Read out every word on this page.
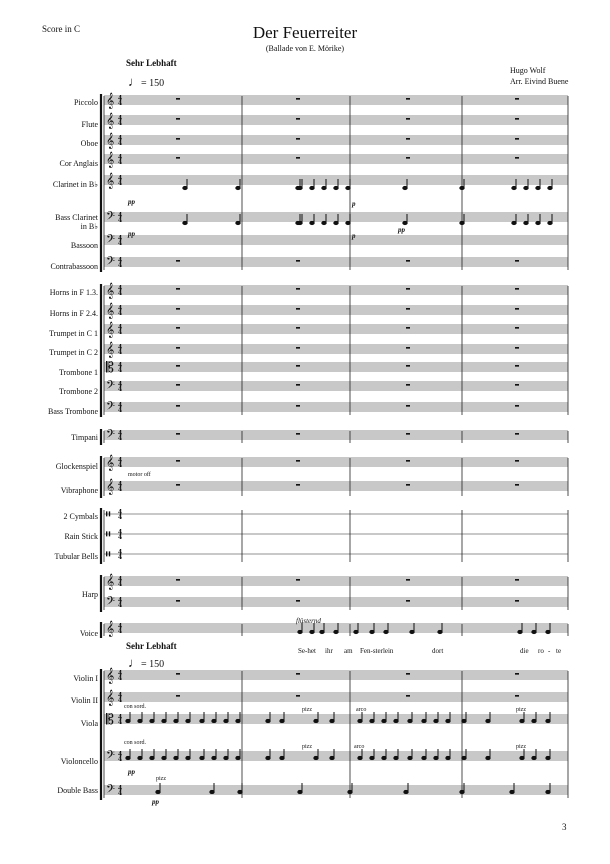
Score in C	Der Feuerreiter
(Ballade von E. Mörike)
Hugo Wolf
Arr. Eivind Buene
Sehr Lebhaft
♩= 150
Sehr Lebhaft
♩= 150
Piccolo
Flute
Oboe
Cor Anglais
Clarinet in B♭
Bass Clarinet
in B♭
Bassoon
Contrabassoon
Horns in F 1.3.
Horns in F 2.4.
Trumpet in C 1
Trumpet in C 2
Trombone 1
Trombone 2
Bass Trombone
Timpani
Glockenspiel
Vibraphone
2 Cymbals
Rain Stick
Tubular Bells
Harp
Voice
Violin I
Violin II
Viola
Violoncello
Double Bass
pp	p
pp	p
pp
motor off
flüsternd
con sord.
con sord.
pp
pp
pizz
pizz
pizz
arco
arco
pizz
pizz
Se-het ihr am Fen-sterlein	dort	die ro - te
𝄞 4
4
𝄞 4
4
𝄞 4
4
𝄞 4
4
𝄞 4
4
𝄢 4
4
𝄢 4
4
𝄢 4
4
𝄞 4
4
𝄞 4
4
𝄞 4
4
𝄞 4
4
𝄡 4
4
𝄢 4
4
𝄢 4
4
𝄢 4
4
𝄞 4
4
𝄞 4
4
𝄥 4
4
𝄥 4
4
𝄥 4
4
𝄞 4
4
𝄢 4
4
𝄞 4
4
𝄞 4
4
𝄞 4
4
𝄡 4
4
𝄢 4
4
𝄢 4
4
3
